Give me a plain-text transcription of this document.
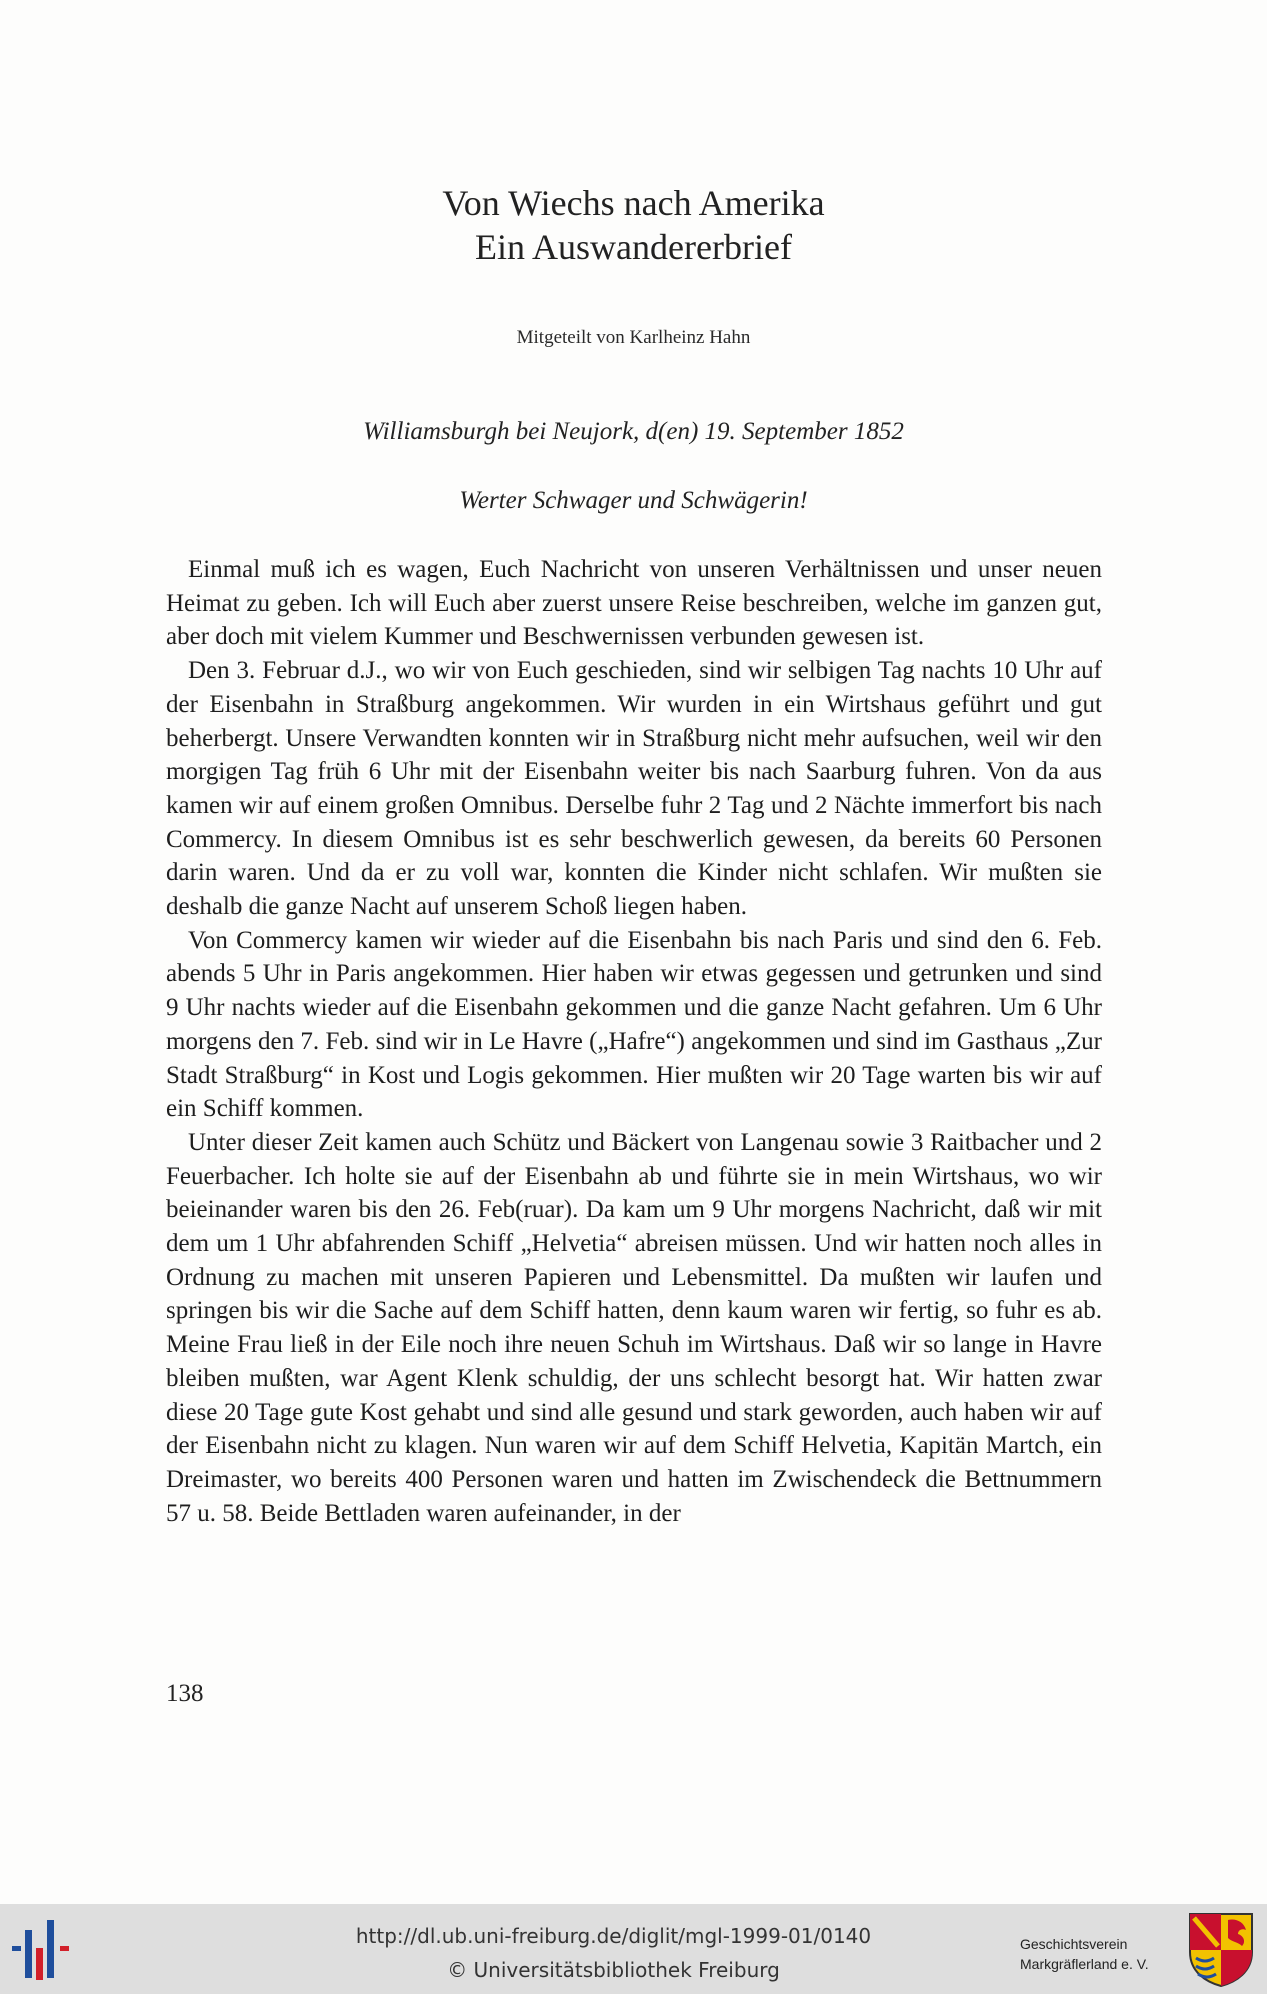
Von Wiechs nach Amerika
Ein Auswandererbrief
Mitgeteilt von Karlheinz Hahn
Williamsburgh bei Neujork, d(en) 19. September 1852
Werter Schwager und Schwägerin!

Einmal muß ich es wagen, Euch Nachricht von unseren Verhältnissen und unser neuen Heimat zu geben. Ich will Euch aber zuerst unsere Reise beschreiben, welche im ganzen gut, aber doch mit vielem Kummer und Beschwernissen verbunden gewesen ist.

Den 3. Februar d.J., wo wir von Euch geschieden, sind wir selbigen Tag nachts 10 Uhr auf der Eisenbahn in Straßburg angekommen. Wir wurden in ein Wirtshaus geführt und gut beherbergt. Unsere Verwandten konnten wir in Straßburg nicht mehr aufsuchen, weil wir den morgigen Tag früh 6 Uhr mit der Eisenbahn weiter bis nach Saarburg fuhren. Von da aus kamen wir auf einem großen Omnibus. Derselbe fuhr 2 Tag und 2 Nächte immerfort bis nach Commercy. In diesem Omnibus ist es sehr beschwerlich gewesen, da bereits 60 Personen darin waren. Und da er zu voll war, konnten die Kinder nicht schlafen. Wir mußten sie deshalb die ganze Nacht auf unserem Schoß liegen haben.

Von Commercy kamen wir wieder auf die Eisenbahn bis nach Paris und sind den 6. Feb. abends 5 Uhr in Paris angekommen. Hier haben wir etwas gegessen und getrunken und sind 9 Uhr nachts wieder auf die Eisenbahn gekommen und die ganze Nacht gefahren. Um 6 Uhr morgens den 7. Feb. sind wir in Le Havre („Hafre“) angekommen und sind im Gasthaus „Zur Stadt Straßburg“ in Kost und Logis gekommen. Hier mußten wir 20 Tage warten bis wir auf ein Schiff kommen.

Unter dieser Zeit kamen auch Schütz und Bäckert von Langenau sowie 3 Raitbacher und 2 Feuerbacher. Ich holte sie auf der Eisenbahn ab und führte sie in mein Wirtshaus, wo wir beieinander waren bis den 26. Feb(ruar). Da kam um 9 Uhr morgens Nachricht, daß wir mit dem um 1 Uhr abfahrenden Schiff „Helvetia“ abreisen müssen. Und wir hatten noch alles in Ordnung zu machen mit unseren Papieren und Lebensmittel. Da mußten wir laufen und springen bis wir die Sache auf dem Schiff hatten, denn kaum waren wir fertig, so fuhr es ab. Meine Frau ließ in der Eile noch ihre neuen Schuh im Wirtshaus. Daß wir so lange in Havre bleiben mußten, war Agent Klenk schuldig, der uns schlecht besorgt hat. Wir hatten zwar diese 20 Tage gute Kost gehabt und sind alle gesund und stark geworden, auch haben wir auf der Eisenbahn nicht zu klagen. Nun waren wir auf dem Schiff Helvetia, Kapitän Martch, ein Dreimaster, wo bereits 400 Personen waren und hatten im Zwischendeck die Bettnummern 57 u. 58. Beide Bettladen waren aufeinander, in der

138
http://dl.ub.uni-freiburg.de/diglit/mgl-1999-01/0140
© Universitätsbibliothek Freiburg
Geschichtsverein
Markgräflerland e. V.
